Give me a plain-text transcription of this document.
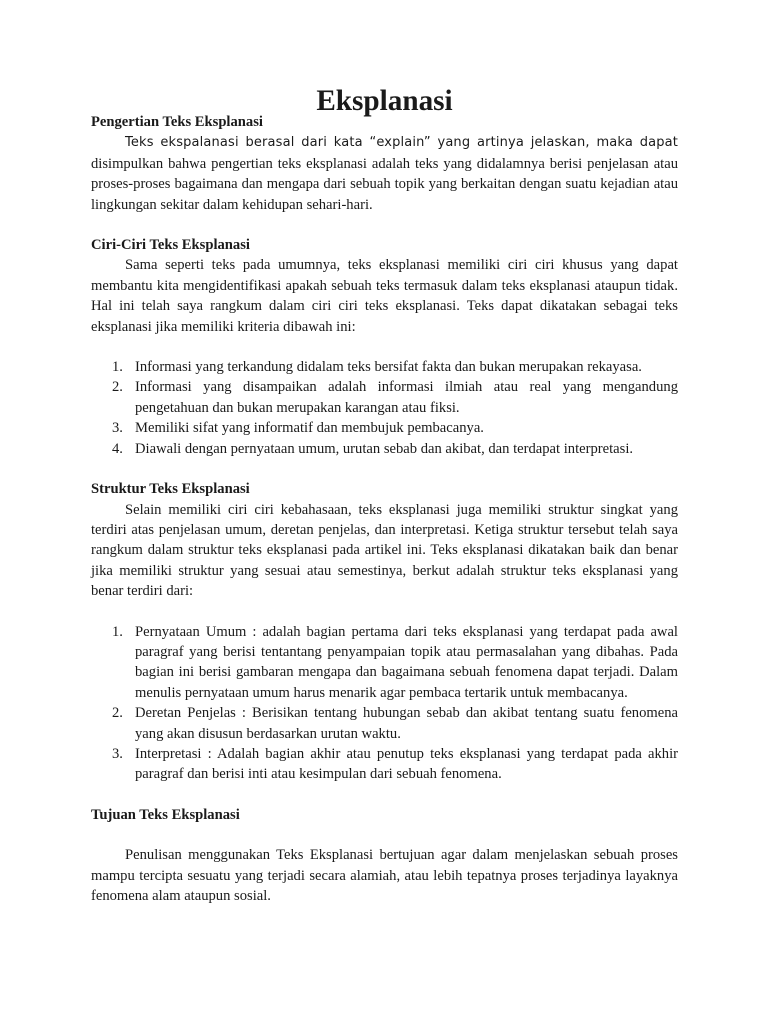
Eksplanasi
Pengertian Teks Eksplanasi

Teks ekspalanasi berasal dari kata “explain” yang artinya jelaskan, maka dapat disimpulkan bahwa pengertian teks eksplanasi adalah teks yang didalamnya berisi penjelasan atau proses-proses bagaimana dan mengapa dari sebuah topik yang berkaitan dengan suatu kejadian atau lingkungan sekitar dalam kehidupan sehari-hari.

Ciri-Ciri Teks Eksplanasi

Sama seperti teks pada umumnya, teks eksplanasi memiliki ciri ciri khusus yang dapat membantu kita mengidentifikasi apakah sebuah teks termasuk dalam teks eksplanasi ataupun tidak. Hal ini telah saya rangkum dalam ciri ciri teks eksplanasi. Teks dapat dikatakan sebagai teks eksplanasi jika memiliki kriteria dibawah ini:

1. Informasi yang terkandung didalam teks bersifat fakta dan bukan merupakan rekayasa.
2. Informasi yang disampaikan adalah informasi ilmiah atau real yang mengandung pengetahuan dan bukan merupakan karangan atau fiksi.
3. Memiliki sifat yang informatif dan membujuk pembacanya.
4. Diawali dengan pernyataan umum, urutan sebab dan akibat, dan terdapat interpretasi.
Struktur Teks Eksplanasi

Selain memiliki ciri ciri kebahasaan, teks eksplanasi juga memiliki struktur singkat yang terdiri atas penjelasan umum, deretan penjelas, dan interpretasi. Ketiga struktur tersebut telah saya rangkum dalam struktur teks eksplanasi pada artikel ini. Teks eksplanasi dikatakan baik dan benar jika memiliki struktur yang sesuai atau semestinya, berkut adalah struktur teks eksplanasi yang benar terdiri dari:

1. Pernyataan Umum : adalah bagian pertama dari teks eksplanasi yang terdapat pada awal paragraf yang berisi tentantang penyampaian topik atau permasalahan yang dibahas. Pada bagian ini berisi gambaran mengapa dan bagaimana sebuah fenomena dapat terjadi. Dalam menulis pernyataan umum harus menarik agar pembaca tertarik untuk membacanya.
2. Deretan Penjelas : Berisikan tentang hubungan sebab dan akibat tentang suatu fenomena yang akan disusun berdasarkan urutan waktu.
3. Interpretasi : Adalah bagian akhir atau penutup teks eksplanasi yang terdapat pada akhir paragraf dan berisi inti atau kesimpulan dari sebuah fenomena.
Tujuan Teks Eksplanasi

Penulisan menggunakan Teks Eksplanasi bertujuan agar dalam menjelaskan sebuah proses mampu tercipta sesuatu yang terjadi secara alamiah, atau lebih tepatnya proses terjadinya layaknya fenomena alam ataupun sosial.
